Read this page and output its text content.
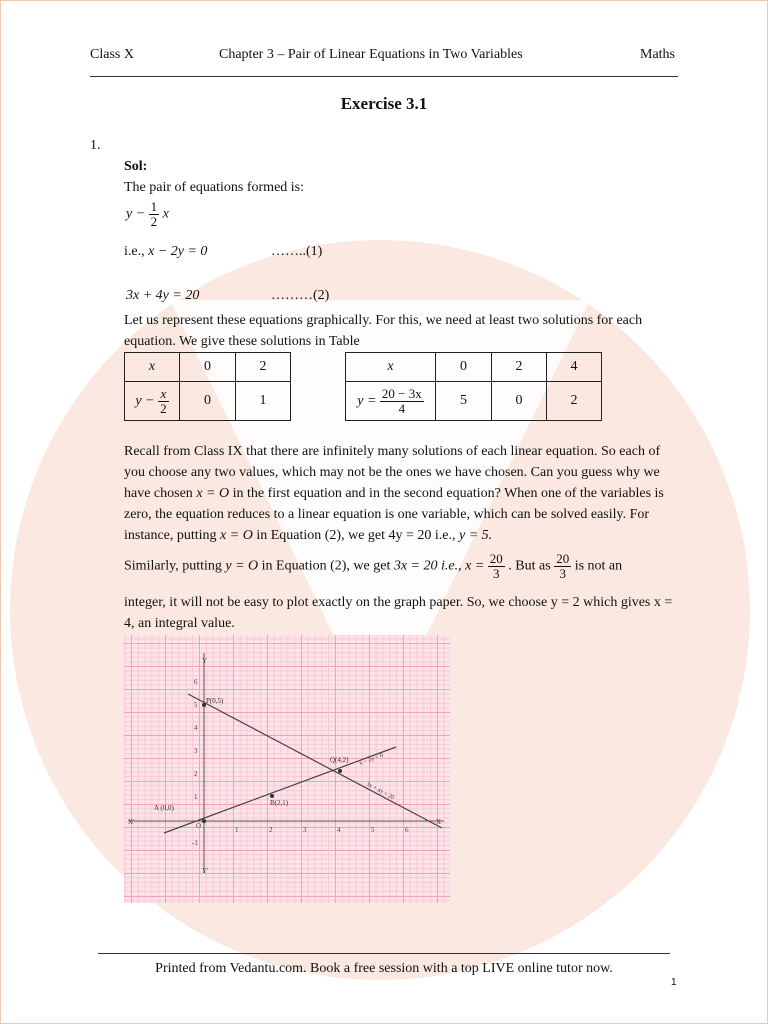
Class X	Chapter 3 – Pair of Linear Equations in Two Variables	Maths
Exercise 3.1
1.
Sol:
The pair of equations formed is:
$y - \frac{1}{2}$ x
i.e., x − 2y = 0	……..(1)
3x + 4y = 20	………(2)
Let us represent these equations graphically. For this, we need at least two solutions for each equation. We give these solutions in Table
x	0	2
$y - \frac{x}{2}$	0	1
x	0	2	4
$y = \frac{20 - 3x}{4}$	5	0	2
Recall from Class IX that there are infinitely many solutions of each linear equation. So each of you choose any two values, which may not be the ones we have chosen. Can you guess why we have chosen x = O in the first equation and in the second equation? When one of the variables is zero, the equation reduces to a linear equation is one variable, which can be solved easily. For instance, putting x = O in Equation (2), we get 4y = 20 i.e., y = 5.
Similarly, putting y = O in Equation (2), we get 3x = 20 i.e., $x = \frac{20}{3}$ . But as $\frac{20}{3}$ is not an
integer, it will not be easy to plot exactly on the graph paper. So, we choose y = 2 which gives x = 4, an integral value.
X'	X
Y
Y'
O
6
5
4
3
2
1
-1
1	2	3	4	5	6
P(0,5)
Q(4,2)
B(2,1)
A (0,0)
x − 2y = 0
3x + 4y = 20
Printed from Vedantu.com. Book a free session with a top LIVE online tutor now.
1
